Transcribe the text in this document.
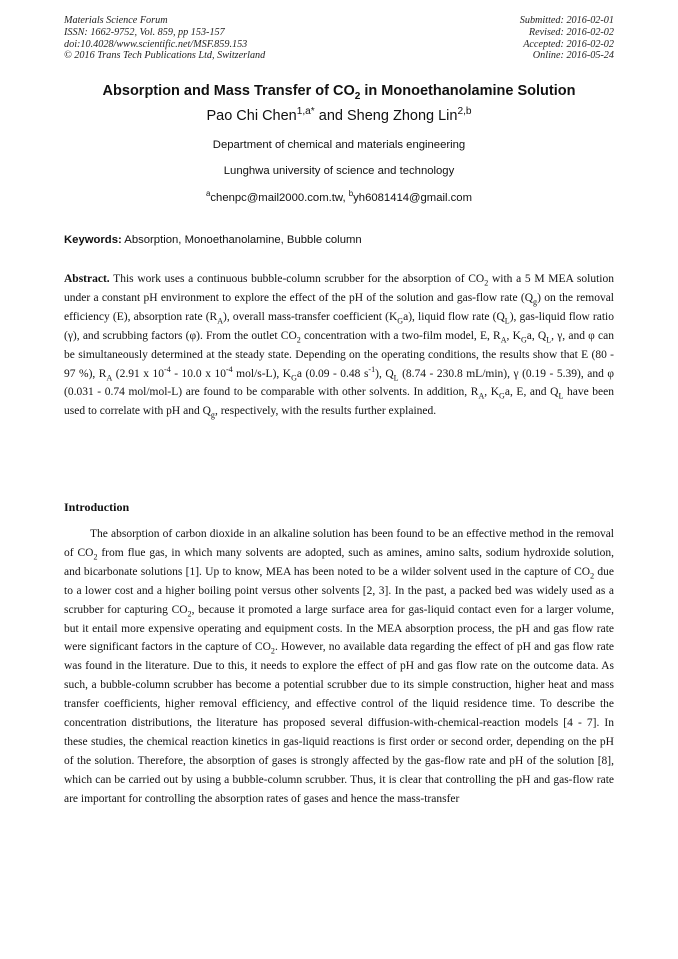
Materials Science Forum
ISSN: 1662-9752, Vol. 859, pp 153-157
doi:10.4028/www.scientific.net/MSF.859.153
© 2016 Trans Tech Publications Ltd, Switzerland
Submitted: 2016-02-01
Revised: 2016-02-02
Accepted: 2016-02-02
Online: 2016-05-24
Absorption and Mass Transfer of $CO_2$ in Monoethanolamine Solution
Pao Chi Chen$^{1,a*}$ and Sheng Zhong Lin$^{2,b}$
Department of chemical and materials engineering
Lunghwa university of science and technology
$^a$chenpc@mail2000.com.tw, $^b$yh6081414@gmail.com
Keywords: Absorption, Monoethanolamine, Bubble column

Abstract. This work uses a continuous bubble-column scrubber for the absorption of $CO_2$ with a 5 M MEA solution under a constant pH environment to explore the effect of the pH of the solution and gas-flow rate $(Q_g)$ on the removal efficiency (E), absorption rate $(R_A)$, overall mass-transfer coefficient $(K_Ga)$, liquid flow rate $(Q_L)$, gas-liquid flow ratio (γ), and scrubbing factors (φ). From the outlet $CO_2$ concentration with a two-film model, E, $R_A$, $K_Ga$, $Q_L$, γ, and φ can be simultaneously determined at the steady state. Depending on the operating conditions, the results show that E (80 - 97 %), $R_A$ (2.91 x $10^{-4} - 10.0$ x $10^{-4}$ mol/s-L), $K_Ga$ (0.09 - 0.48 $s^{-1}$), $Q_L$ (8.74 - 230.8 mL/min), γ (0.19 - 5.39), and φ (0.031 - 0.74 mol/mol-L) are found to be comparable with other solvents. In addition, $R_A$, $K_Ga$, E, and $Q_L$ have been used to correlate with pH and $Q_g$, respectively, with the results further explained.

Introduction

The absorption of carbon dioxide in an alkaline solution has been found to be an effective method in the removal of $CO_2$ from flue gas, in which many solvents are adopted, such as amines, amino salts, sodium hydroxide solution, and bicarbonate solutions [1]. Up to know, MEA has been noted to be a wilder solvent used in the capture of $CO_2$ due to a lower cost and a higher boiling point versus other solvents [2, 3]. In the past, a packed bed was widely used as a scrubber for capturing $CO_2$, because it promoted a large surface area for gas-liquid contact even for a larger volume, but it entail more expensive operating and equipment costs. In the MEA absorption process, the pH and gas flow rate were significant factors in the capture of $CO_2$. However, no available data regarding the effect of pH and gas flow rate was found in the literature. Due to this, it needs to explore the effect of pH and gas flow rate on the outcome data. As such, a bubble-column scrubber has become a potential scrubber due to its simple construction, higher heat and mass transfer coefficients, higher removal efficiency, and effective control of the liquid residence time. To describe the concentration distributions, the literature has proposed several diffusion-with-chemical-reaction models [4 - 7]. In these studies, the chemical reaction kinetics in gas-liquid reactions is first order or second order, depending on the pH of the solution. Therefore, the absorption of gases is strongly affected by the gas-flow rate and pH of the solution [8], which can be carried out by using a bubble-column scrubber. Thus, it is clear that controlling the pH and gas-flow rate are important for controlling the absorption rates of gases and hence the mass-transfer
